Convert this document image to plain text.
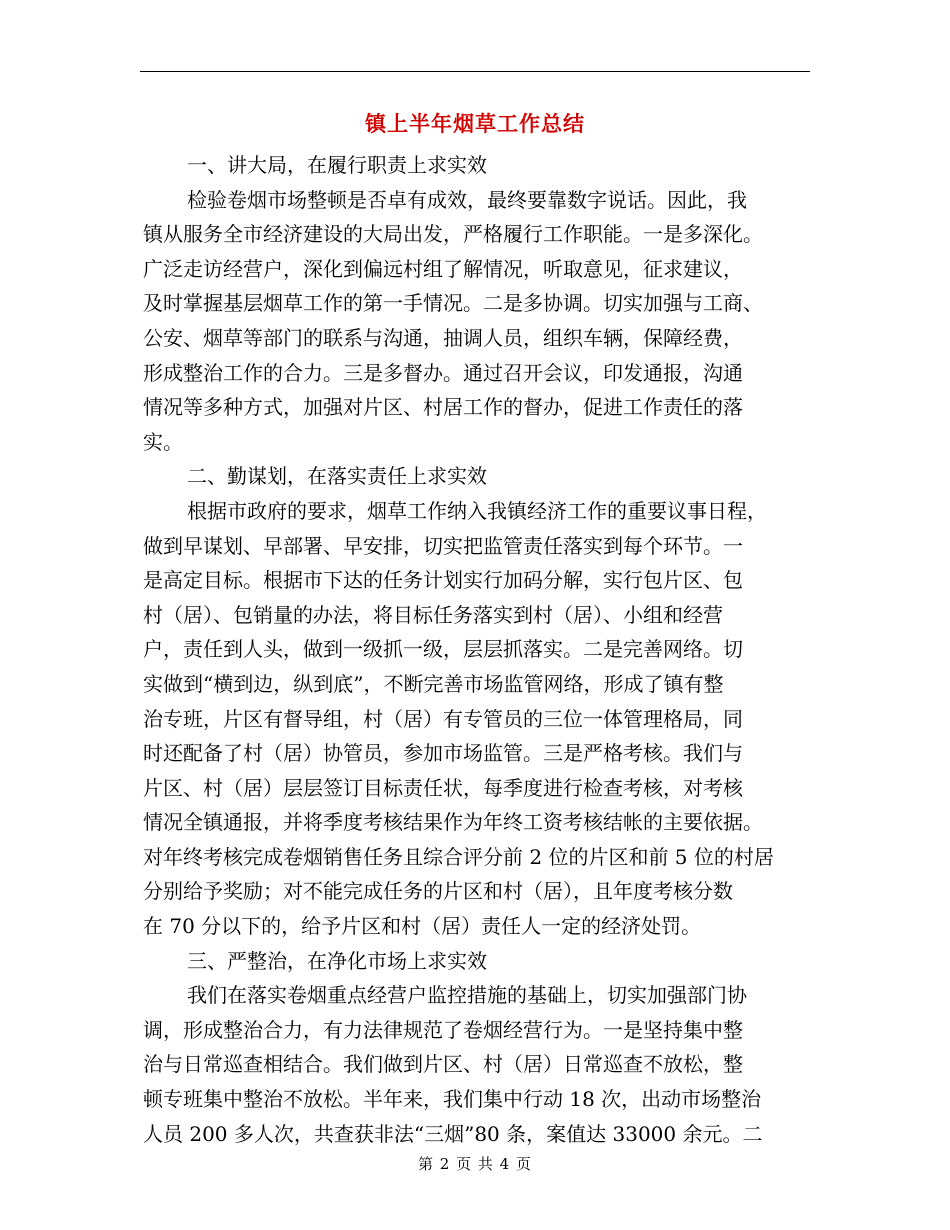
镇上半年烟草工作总结
一、讲大局，在履行职责上求实效
检验卷烟市场整顿是否卓有成效，最终要靠数字说话。因此，我
镇从服务全市经济建设的大局出发，严格履行工作职能。一是多深化。
广泛走访经营户，深化到偏远村组了解情况，听取意见，征求建议，
及时掌握基层烟草工作的第一手情况。二是多协调。切实加强与工商、
公安、烟草等部门的联系与沟通，抽调人员，组织车辆，保障经费，
形成整治工作的合力。三是多督办。通过召开会议，印发通报，沟通
情况等多种方式，加强对片区、村居工作的督办，促进工作责任的落
实。
二、勤谋划，在落实责任上求实效
根据市政府的要求，烟草工作纳入我镇经济工作的重要议事日程，
做到早谋划、早部署、早安排，切实把监管责任落实到每个环节。一
是高定目标。根据市下达的任务计划实行加码分解，实行包片区、包
村（居）、包销量的办法，将目标任务落实到村（居）、小组和经营
户，责任到人头，做到一级抓一级，层层抓落实。二是完善网络。切
实做到“横到边，纵到底”，不断完善市场监管网络，形成了镇有整
治专班，片区有督导组，村（居）有专管员的三位一体管理格局，同
时还配备了村（居）协管员，参加市场监管。三是严格考核。我们与
片区、村（居）层层签订目标责任状，每季度进行检查考核，对考核
情况全镇通报，并将季度考核结果作为年终工资考核结帐的主要依据。
对年终考核完成卷烟销售任务且综合评分前 2 位的片区和前 5 位的村居
分别给予奖励；对不能完成任务的片区和村（居），且年度考核分数
在 70 分以下的，给予片区和村（居）责任人一定的经济处罚。
三、严整治，在净化市场上求实效
我们在落实卷烟重点经营户监控措施的基础上，切实加强部门协
调，形成整治合力，有力法律规范了卷烟经营行为。一是坚持集中整
治与日常巡查相结合。我们做到片区、村（居）日常巡查不放松，整
顿专班集中整治不放松。半年来，我们集中行动 18 次，出动市场整治
人员 200 多人次，共查获非法“三烟”80 条，案值达 33000 余元。二
第 2 页 共 4 页
